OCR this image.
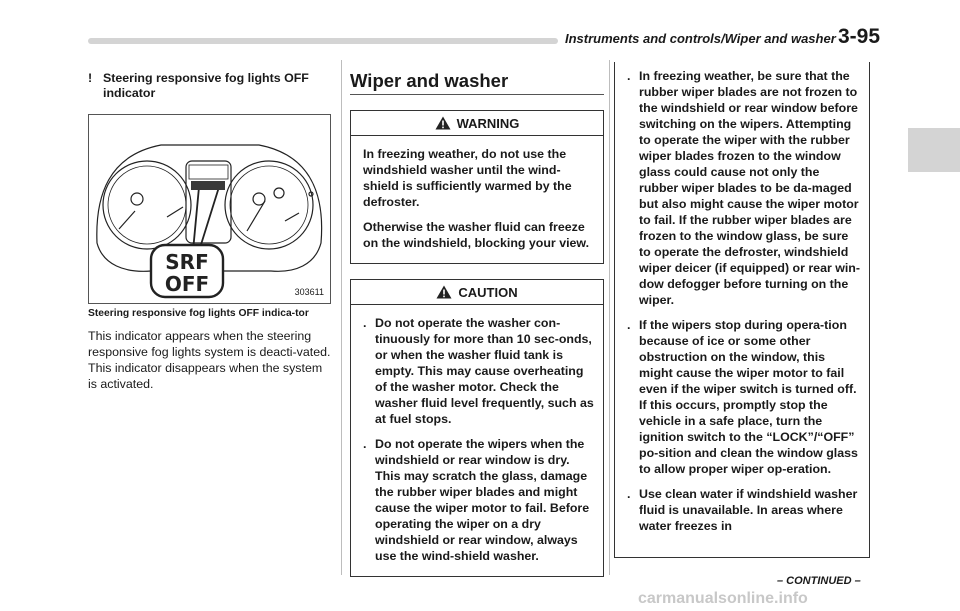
Instruments and controls/Wiper and washer 3-95
! Steering responsive fog lights OFF indicator
SRF
OFF	303611
Steering responsive fog lights OFF indica-tor
This indicator appears when the steering responsive fog lights system is deacti-vated. This indicator disappears when the system is activated.
Wiper and washer
WARNING

In freezing weather, do not use the windshield washer until the wind-shield is sufficiently warmed by the defroster.

Otherwise the washer fluid can freeze on the windshield, blocking your view.

CAUTION
. Do not operate the washer con-tinuously for more than 10 sec-onds, or when the washer fluid tank is empty. This may cause overheating of the washer motor. Check the washer fluid level frequently, such as at fuel stops.
. Do not operate the wipers when the windshield or rear window is dry. This may scratch the glass, damage the rubber wiper blades and might cause the wiper motor to fail. Before operating the wiper on a dry windshield or rear window, always use the wind-shield washer.
. In freezing weather, be sure that the rubber wiper blades are not frozen to the windshield or rear window before switching on the wipers. Attempting to operate the wiper with the rubber wiper blades frozen to the window glass could cause not only the rubber wiper blades to be da-maged but also might cause the wiper motor to fail. If the rubber wiper blades are frozen to the window glass, be sure to operate the defroster, windshield wiper deicer (if equipped) or rear win-dow defogger before turning on the wiper.
. If the wipers stop during opera-tion because of ice or some other obstruction on the window, this might cause the wiper motor to fail even if the wiper switch is turned off. If this occurs, promptly stop the vehicle in a safe place, turn the ignition switch to the “LOCK”/“OFF” po-sition and clean the window glass to allow proper wiper op-eration.
. Use clean water if windshield washer fluid is unavailable. In areas where water freezes in
– CONTINUED –
carmanualsonline.info
